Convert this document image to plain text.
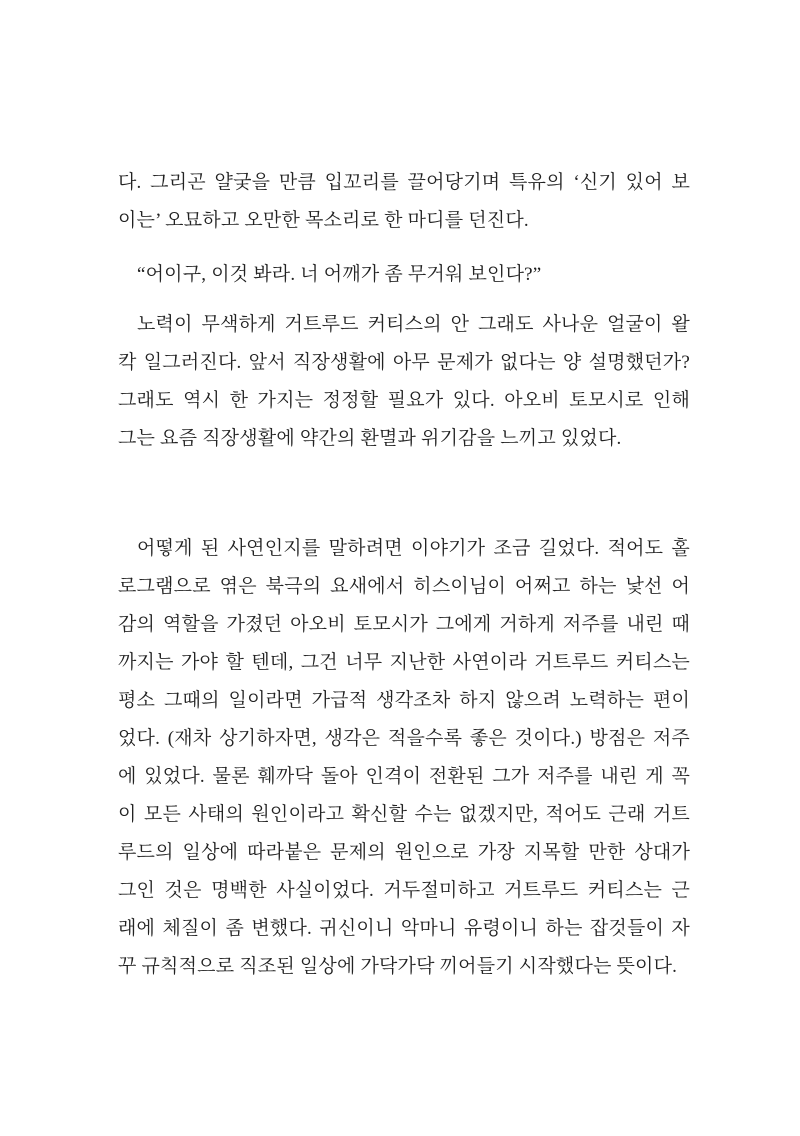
다. 그리곤 얄궂을 만큼 입꼬리를 끌어당기며 특유의 ‘신기 있어 보
이는’ 오묘하고 오만한 목소리로 한 마디를 던진다.

“어이구, 이것 봐라. 너 어깨가 좀 무거워 보인다?”

노력이 무색하게 거트루드 커티스의 안 그래도 사나운 얼굴이 왈
칵 일그러진다. 앞서 직장생활에 아무 문제가 없다는 양 설명했던가?
그래도 역시 한 가지는 정정할 필요가 있다. 아오비 토모시로 인해
그는 요즘 직장생활에 약간의 환멸과 위기감을 느끼고 있었다.

어떻게 된 사연인지를 말하려면 이야기가 조금 길었다. 적어도 홀
로그램으로 엮은 북극의 요새에서 히스이님이 어쩌고 하는 낯선 어
감의 역할을 가졌던 아오비 토모시가 그에게 거하게 저주를 내린 때
까지는 가야 할 텐데, 그건 너무 지난한 사연이라 거트루드 커티스는
평소 그때의 일이라면 가급적 생각조차 하지 않으려 노력하는 편이
었다. (재차 상기하자면, 생각은 적을수록 좋은 것이다.) 방점은 저주
에 있었다. 물론 훼까닥 돌아 인격이 전환된 그가 저주를 내린 게 꼭
이 모든 사태의 원인이라고 확신할 수는 없겠지만, 적어도 근래 거트
루드의 일상에 따라붙은 문제의 원인으로 가장 지목할 만한 상대가
그인 것은 명백한 사실이었다. 거두절미하고 거트루드 커티스는 근
래에 체질이 좀 변했다. 귀신이니 악마니 유령이니 하는 잡것들이 자
꾸 규칙적으로 직조된 일상에 가닥가닥 끼어들기 시작했다는 뜻이다.
